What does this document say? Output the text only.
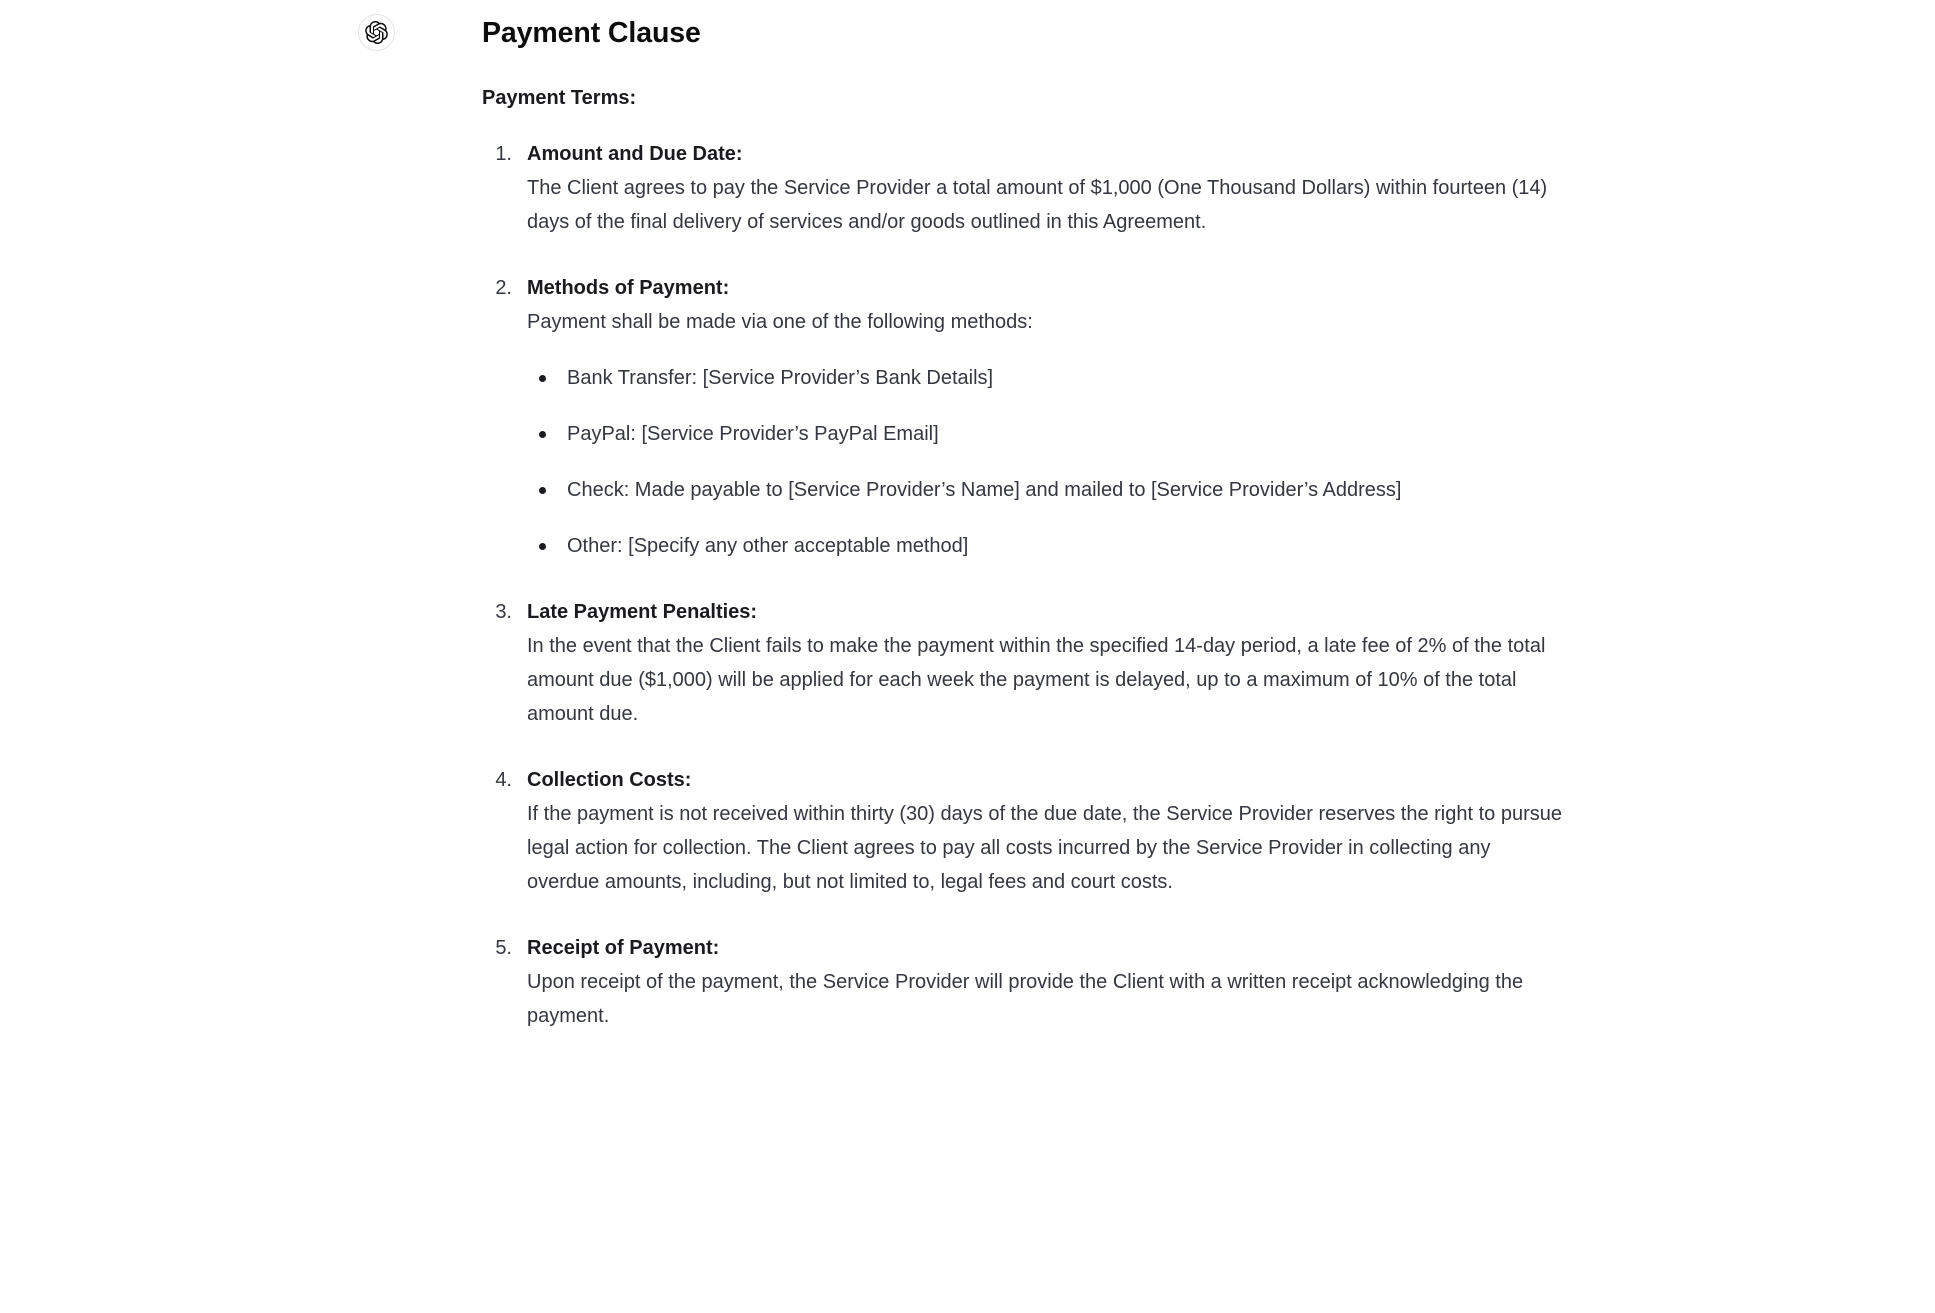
Payment Clause

Payment Terms:

1. Amount and Due Date:
The Client agrees to pay the Service Provider a total amount of $1,000 (One Thousand Dollars) within fourteen (14) days of the final delivery of services and/or goods outlined in this Agreement.
2. Methods of Payment:
Payment shall be made via one of the following methods:
Bank Transfer: [Service Provider’s Bank Details]
PayPal: [Service Provider’s PayPal Email]
Check: Made payable to [Service Provider’s Name] and mailed to [Service Provider’s Address]
Other: [Specify any other acceptable method]
3. Late Payment Penalties:
In the event that the Client fails to make the payment within the specified 14-day period, a late fee of 2% of the total amount due ($1,000) will be applied for each week the payment is delayed, up to a maximum of 10% of the total amount due.
4. Collection Costs:
If the payment is not received within thirty (30) days of the due date, the Service Provider reserves the right to pursue legal action for collection. The Client agrees to pay all costs incurred by the Service Provider in collecting any overdue amounts, including, but not limited to, legal fees and court costs.
5. Receipt of Payment:
Upon receipt of the payment, the Service Provider will provide the Client with a written receipt acknowledging the payment.
